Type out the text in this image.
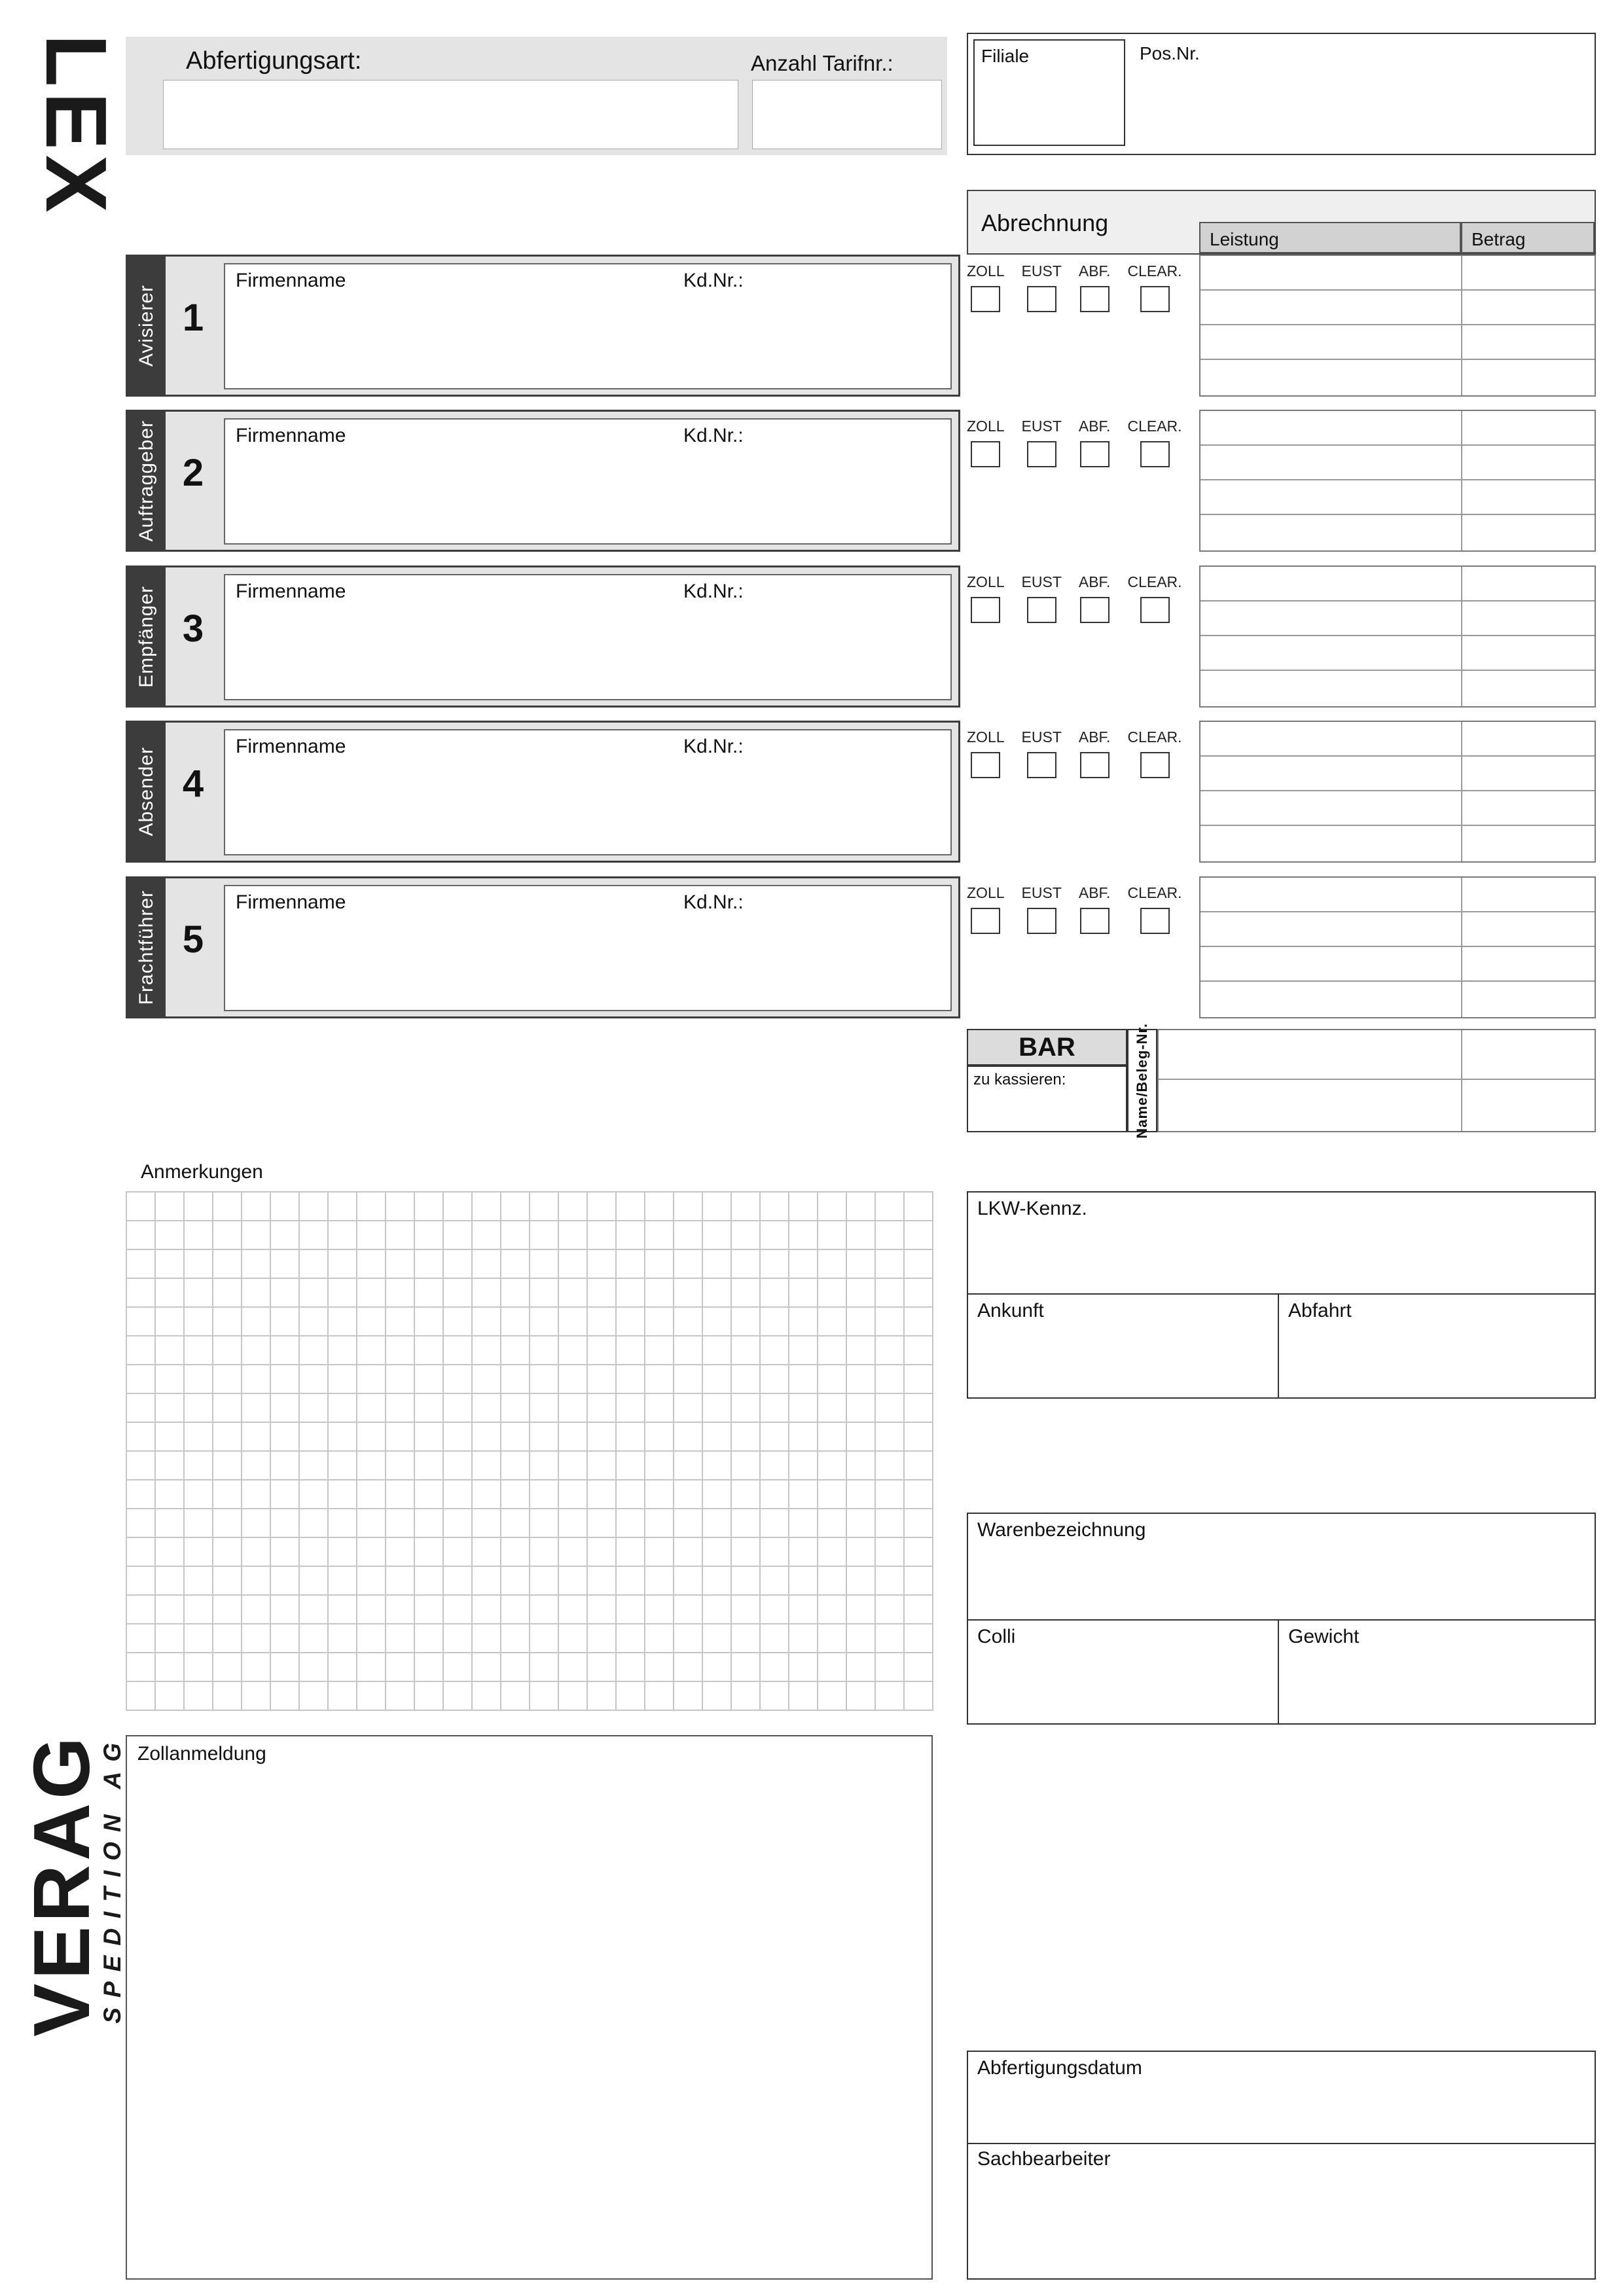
LEX
VERAG
SPEDITION AG
Abfertigungsart:	Anzahl Tarifnr.:	Filiale	Pos.Nr.
Abrechnung
Leistung	Betrag
Avisierer 1
Firmenname	Kd.Nr.:	ZOLL EUST ABF. CLEAR.
Auftraggeber 2
Firmenname	Kd.Nr.:	ZOLL EUST ABF. CLEAR.
Empfänger 3
Firmenname	Kd.Nr.:	ZOLL EUST ABF. CLEAR.
Absender 4
Firmenname	Kd.Nr.:	ZOLL EUST ABF. CLEAR.
Frachtführer 5
Firmenname	Kd.Nr.:	ZOLL EUST ABF. CLEAR.
BAR
zu kassieren:	Name/Beleg-Nr.
Anmerkungen
LKW-Kennz.
Ankunft	Abfahrt
Warenbezeichnung
Colli	Gewicht
Zollanmeldung
Abfertigungsdatum
Sachbearbeiter
